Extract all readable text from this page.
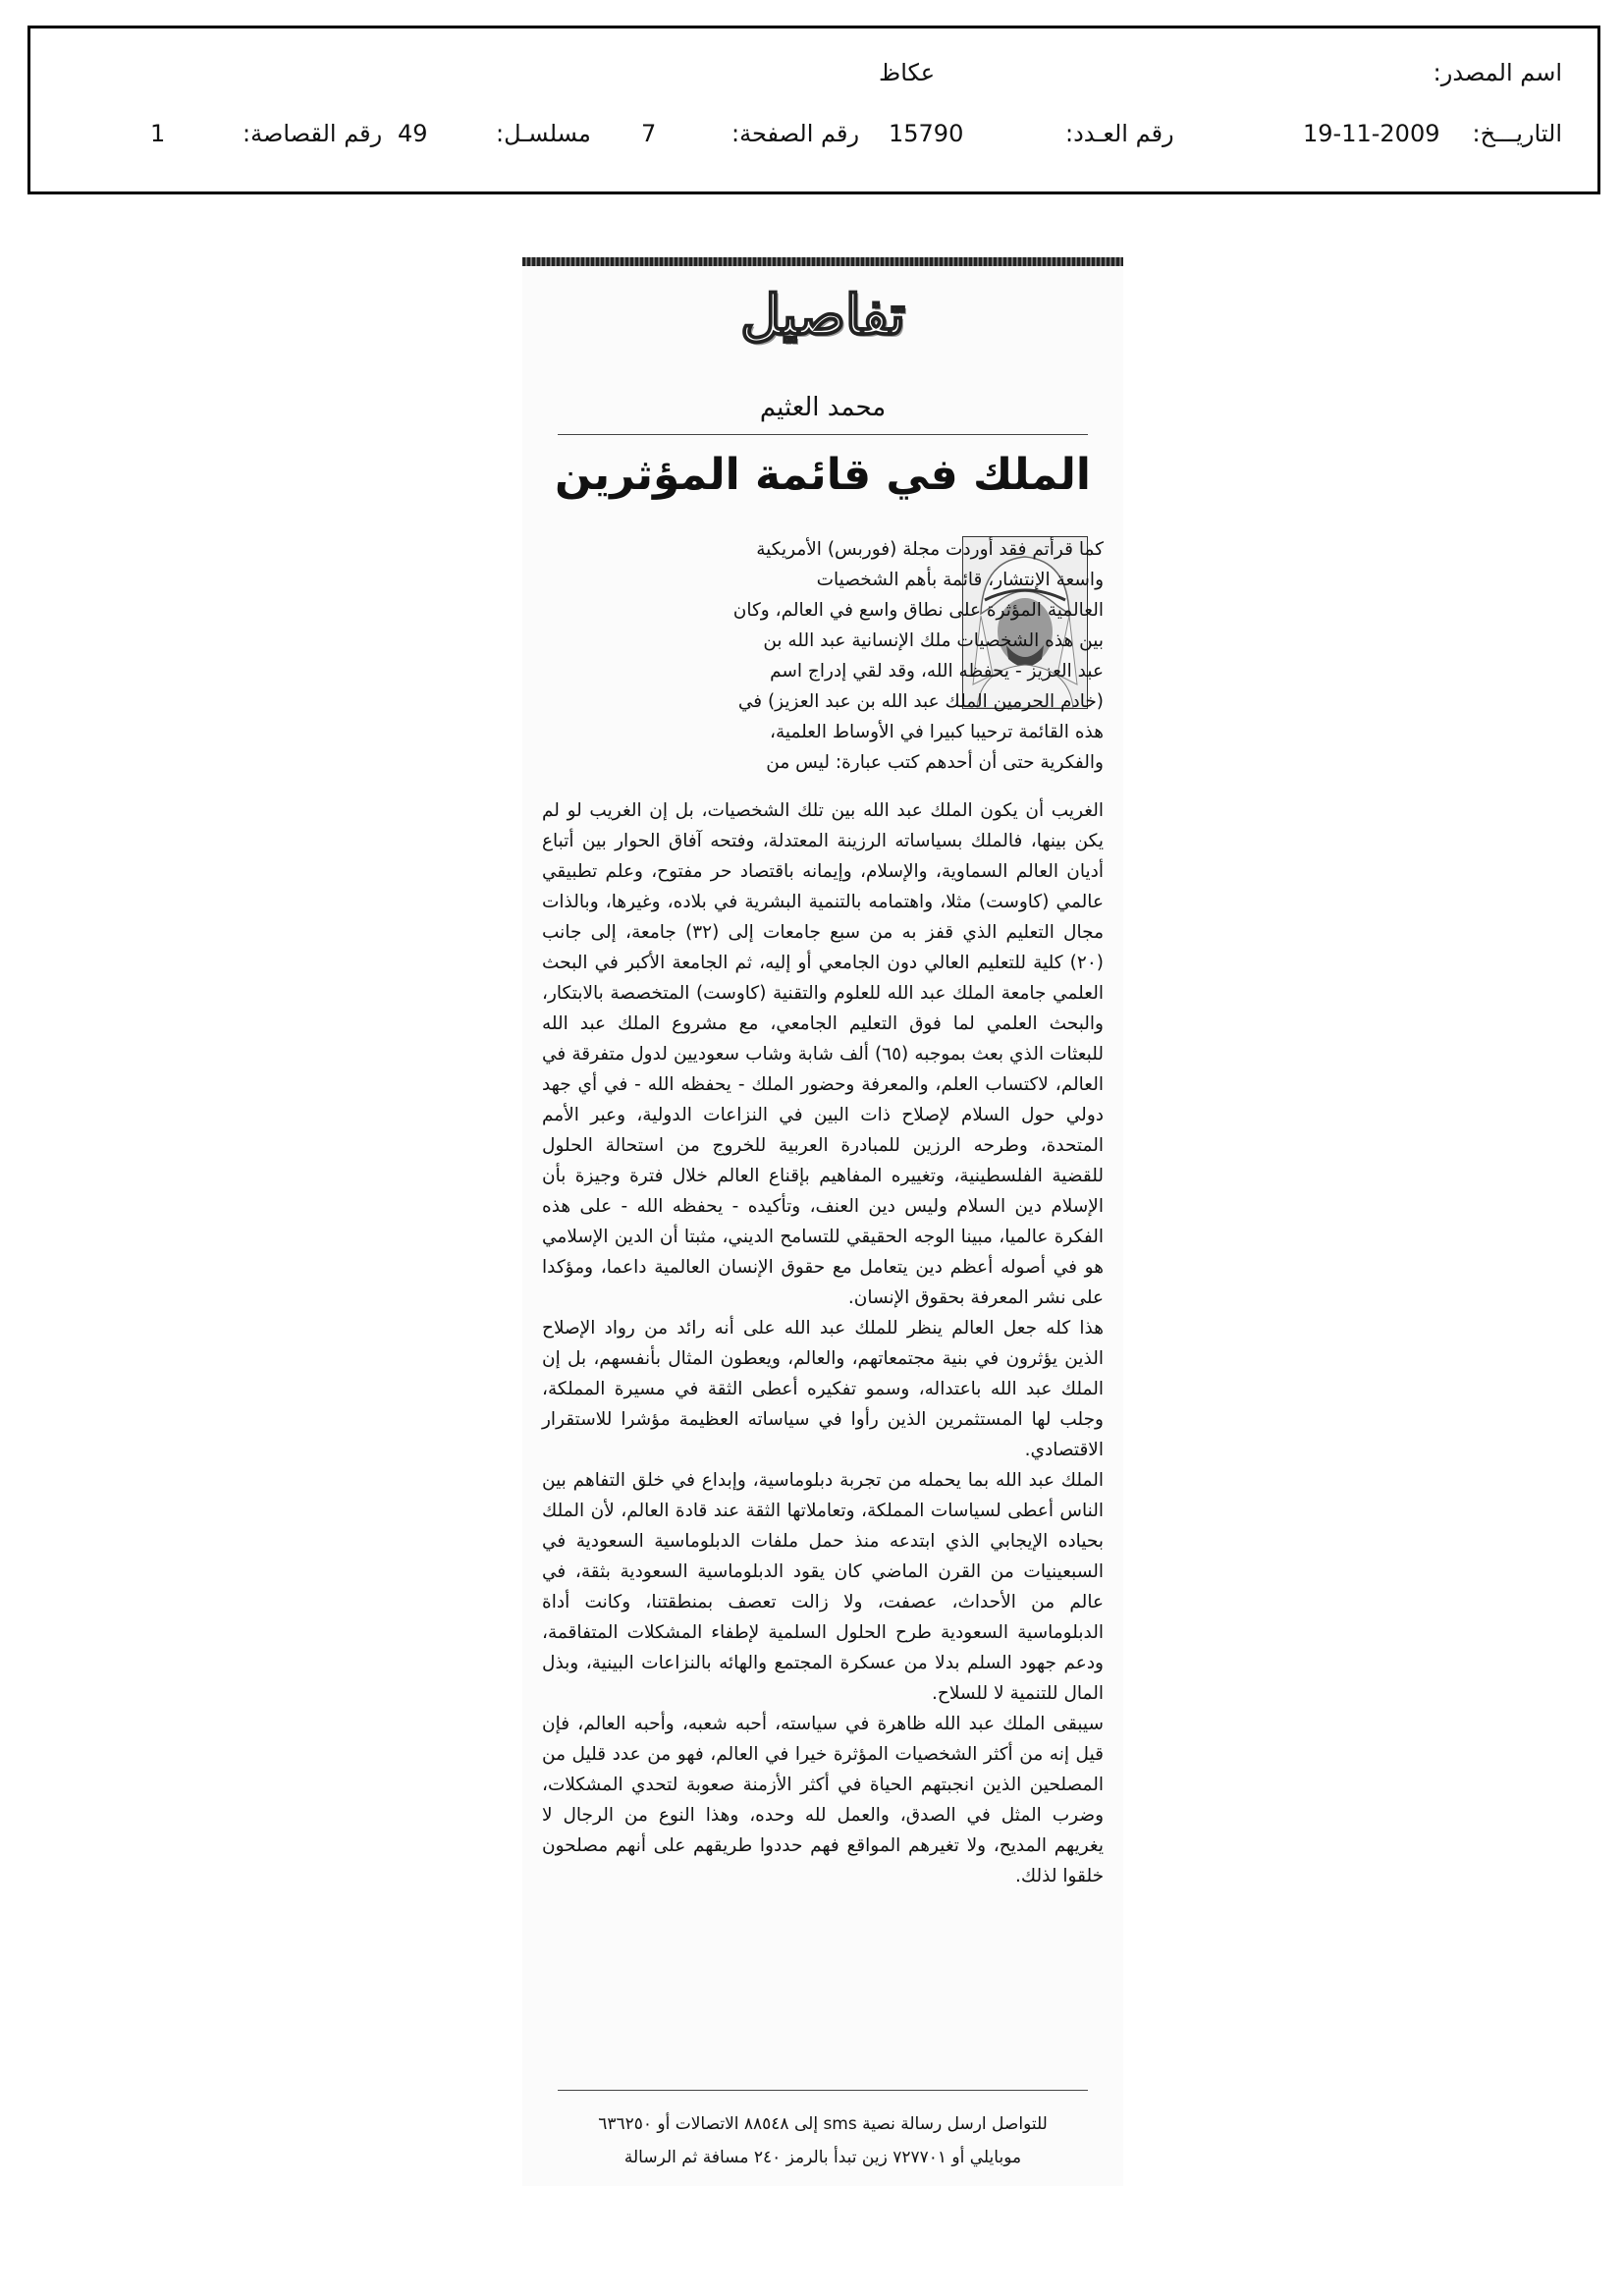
اسم المصدر:
عكاظ
التاريـــخ:
19-11-2009
رقم العـدد:
15790
رقم الصفحة:
7
مسلسـل:
49
رقم القصاصة:
1
تفاصيل
محمد العثيم
الملك في قائمة المؤثرين

كما قرأتم فقد أوردت مجلة (فوربس) الأمريكية

واسعة الإنتشار، قائمة بأهم الشخصيات

العالمية المؤثرة على نطاق واسع في العالم، وكان

بين هذه الشخصيات ملك الإنسانية عبد الله بن

عبد العزيز - يحفظه الله، وقد لقي إدراج اسم

(خادم الحرمين الملك عبد الله بن عبد العزيز) في

هذه القائمة ترحيبا كبيرا في الأوساط العلمية،

والفكرية حتى أن أحدهم كتب عبارة: ليس من

الغريب أن يكون الملك عبد الله بين تلك الشخصيات، بل إن الغريب لو لم يكن بينها، فالملك بسياساته الرزينة المعتدلة، وفتحه آفاق الحوار بين أتباع أديان العالم السماوية، والإسلام، وإيمانه باقتصاد حر مفتوح، وعلم تطبيقي عالمي (كاوست) مثلا، واهتمامه بالتنمية البشرية في بلاده، وغيرها، وبالذات مجال التعليم الذي قفز به من سبع جامعات إلى (٣٢) جامعة، إلى جانب (٢٠) كلية للتعليم العالي دون الجامعي أو إليه، ثم الجامعة الأكبر في البحث العلمي جامعة الملك عبد الله للعلوم والتقنية (كاوست) المتخصصة بالابتكار، والبحث العلمي لما فوق التعليم الجامعي، مع مشروع الملك عبد الله للبعثات الذي بعث بموجبه (٦٥) ألف شابة وشاب سعوديين لدول متفرقة في العالم، لاكتساب العلم، والمعرفة وحضور الملك - يحفظه الله - في أي جهد دولي حول السلام لإصلاح ذات البين في النزاعات الدولية، وعبر الأمم المتحدة، وطرحه الرزين للمبادرة العربية للخروج من استحالة الحلول للقضية الفلسطينية، وتغييره المفاهيم بإقناع العالم خلال فترة وجيزة بأن الإسلام دين السلام وليس دين العنف، وتأكيده - يحفظه الله - على هذه الفكرة عالميا، مبينا الوجه الحقيقي للتسامح الديني، مثبتا أن الدين الإسلامي هو في أصوله أعظم دين يتعامل مع حقوق الإنسان العالمية داعما، ومؤكدا على نشر المعرفة بحقوق الإنسان.

هذا كله جعل العالم ينظر للملك عبد الله على أنه رائد من رواد الإصلاح الذين يؤثرون في بنية مجتمعاتهم، والعالم، ويعطون المثال بأنفسهم، بل إن الملك عبد الله باعتداله، وسمو تفكيره أعطى الثقة في مسيرة المملكة، وجلب لها المستثمرين الذين رأوا في سياساته العظيمة مؤشرا للاستقرار الاقتصادي.

الملك عبد الله بما يحمله من تجربة دبلوماسية، وإبداع في خلق التفاهم بين الناس أعطى لسياسات المملكة، وتعاملاتها الثقة عند قادة العالم، لأن الملك بحياده الإيجابي الذي ابتدعه منذ حمل ملفات الدبلوماسية السعودية في السبعينيات من القرن الماضي كان يقود الدبلوماسية السعودية بثقة، في عالم من الأحداث، عصفت، ولا زالت تعصف بمنطقتنا، وكانت أداة الدبلوماسية السعودية طرح الحلول السلمية لإطفاء المشكلات المتفاقمة، ودعم جهود السلم بدلا من عسكرة المجتمع والهائه بالنزاعات البينية، وبذل المال للتنمية لا للسلاح.

سيبقى الملك عبد الله ظاهرة في سياسته، أحبه شعبه، وأحبه العالم، فإن قيل إنه من أكثر الشخصيات المؤثرة خيرا في العالم، فهو من عدد قليل من المصلحين الذين انجبتهم الحياة في أكثر الأزمنة صعوبة لتحدي المشكلات، وضرب المثل في الصدق، والعمل لله وحده، وهذا النوع من الرجال لا يغريهم المديح، ولا تغيرهم المواقع فهم حددوا طريقهم على أنهم مصلحون خلقوا لذلك.

للتواصل ارسل رسالة نصية sms إلى ٨٨٥٤٨ الاتصالات أو ٦٣٦٢٥٠
موبايلي أو ٧٢٧٧٠١ زين تبدأ بالرمز ٢٤٠ مسافة ثم الرسالة
